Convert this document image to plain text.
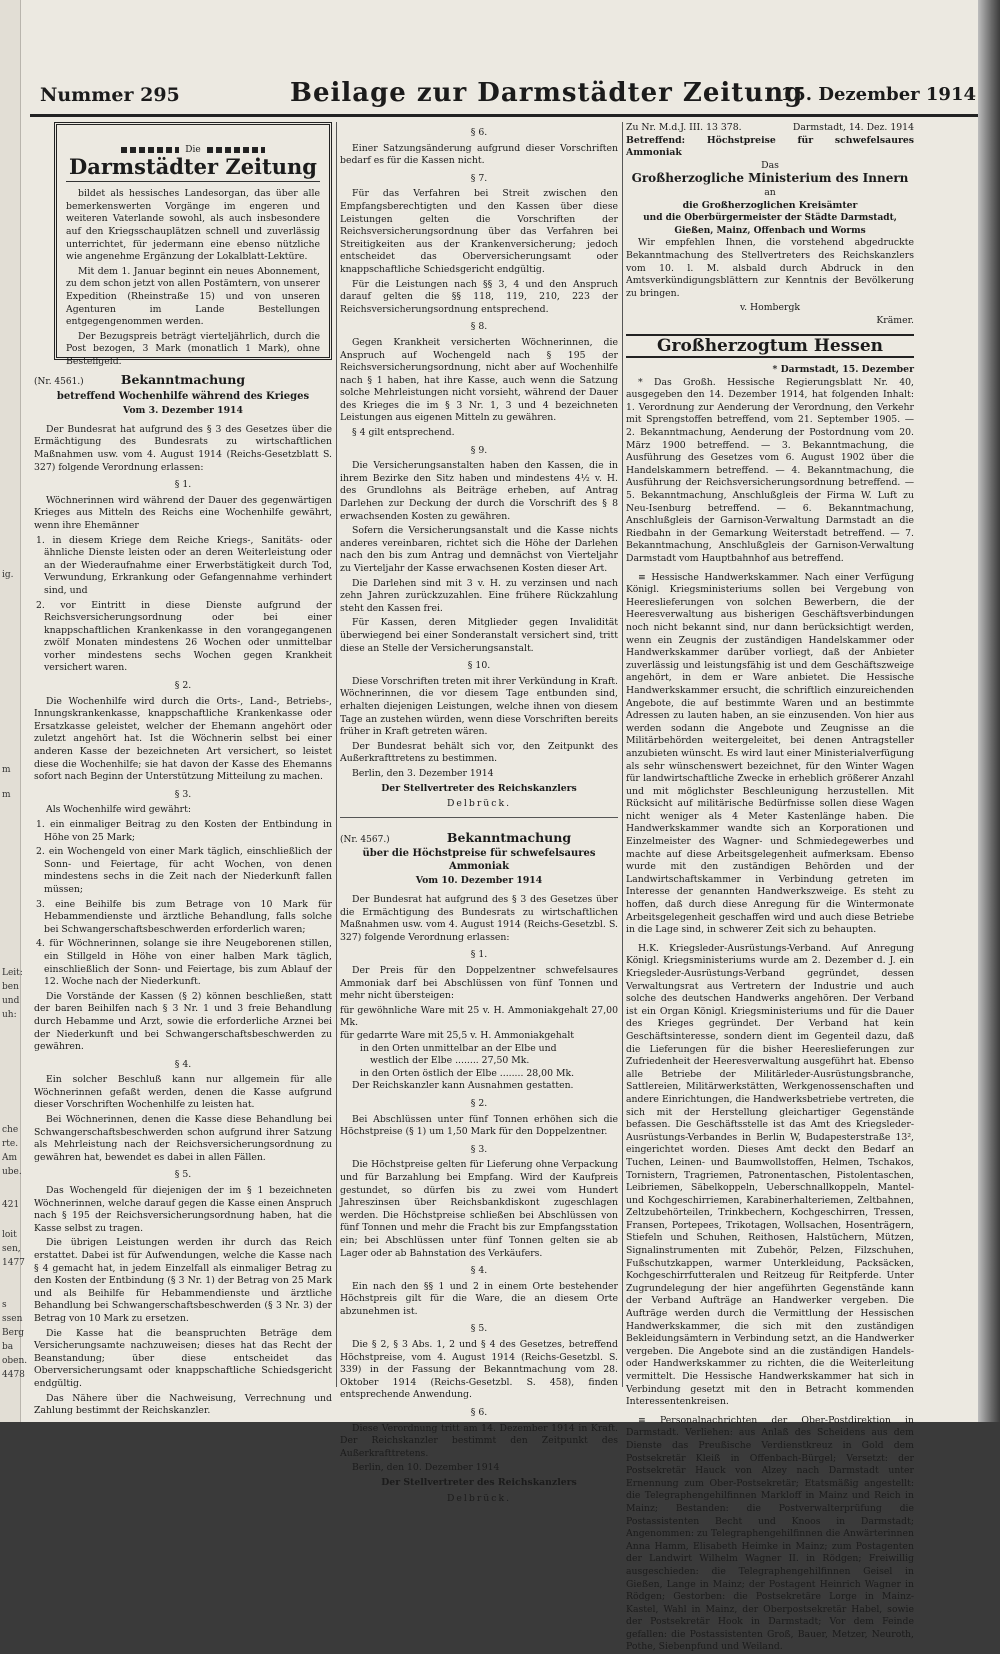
ig.
m
m
Leit:
ben
und
uh:
che
rte.
Am
ube.
421
loit
sen,
1477
s
ssen
Berg
ba
oben.
4478
Nummer 295	Beilage zur Darmstädter Zeitung
15. Dezember 1914
Die
Darmstädter Zeitung

bildet als hessisches Landesorgan, das über alle bemerkenswerten Vorgänge im engeren und weiteren Vaterlande sowohl, als auch insbesondere auf den Kriegsschauplätzen schnell und zuverlässig unterrichtet, für jedermann eine ebenso nützliche wie angenehme Ergänzung der Lokalblatt-Lektüre.

Mit dem 1. Januar beginnt ein neues Abonnement, zu dem schon jetzt von allen Postämtern, von unserer Expedition (Rheinstraße 15) und von unseren Agenturen im Lande Bestellungen entgegengenommen werden.

Der Bezugspreis beträgt vierteljährlich, durch die Post bezogen, 3 Mark (monatlich 1 Mark), ohne Bestellgeld.

(Nr. 4561.)	Bekanntmachung
betreffend Wochenhilfe während des Krieges
Vom 3. Dezember 1914

Der Bundesrat hat aufgrund des § 3 des Gesetzes über die Ermächtigung des Bundesrats zu wirtschaftlichen Maßnahmen usw. vom 4. August 1914 (Reichs-Gesetzblatt S. 327) folgende Verordnung erlassen:

§ 1.

Wöchnerinnen wird während der Dauer des gegenwärtigen Krieges aus Mitteln des Reichs eine Wochenhilfe gewährt, wenn ihre Ehemänner

1. in diesem Kriege dem Reiche Kriegs-, Sanitäts- oder ähnliche Dienste leisten oder an deren Weiterleistung oder an der Wiederaufnahme einer Erwerbstätigkeit durch Tod, Verwundung, Erkrankung oder Gefangennahme verhindert sind, und
2. vor Eintritt in diese Dienste aufgrund der Reichsversicherungsordnung oder bei einer knappschaftlichen Krankenkasse in den vorangegangenen zwölf Monaten mindestens 26 Wochen oder unmittelbar vorher mindestens sechs Wochen gegen Krankheit versichert waren.
§ 2.

Die Wochenhilfe wird durch die Orts-, Land-, Betriebs-, Innungskrankenkasse, knappschaftliche Krankenkasse oder Ersatzkasse geleistet, welcher der Ehemann angehört oder zuletzt angehört hat. Ist die Wöchnerin selbst bei einer anderen Kasse der bezeichneten Art versichert, so leistet diese die Wochenhilfe; sie hat davon der Kasse des Ehemanns sofort nach Beginn der Unterstützung Mitteilung zu machen.

§ 3.

Als Wochenhilfe wird gewährt:

1. ein einmaliger Beitrag zu den Kosten der Entbindung in Höhe von 25 Mark;
2. ein Wochengeld von einer Mark täglich, einschließlich der Sonn- und Feiertage, für acht Wochen, von denen mindestens sechs in die Zeit nach der Niederkunft fallen müssen;
3. eine Beihilfe bis zum Betrage von 10 Mark für Hebammendienste und ärztliche Behandlung, falls solche bei Schwangerschaftsbeschwerden erforderlich waren;
4. für Wöchnerinnen, solange sie ihre Neugeborenen stillen, ein Stillgeld in Höhe von einer halben Mark täglich, einschließlich der Sonn- und Feiertage, bis zum Ablauf der 12. Woche nach der Niederkunft.

Die Vorstände der Kassen (§ 2) können beschließen, statt der baren Beihilfen nach § 3 Nr. 1 und 3 freie Behandlung durch Hebamme und Arzt, sowie die erforderliche Arznei bei der Niederkunft und bei Schwangerschaftsbeschwerden zu gewähren.

§ 4.

Ein solcher Beschluß kann nur allgemein für alle Wöchnerinnen gefaßt werden, denen die Kasse aufgrund dieser Vorschriften Wochenhilfe zu leisten hat.

Bei Wöchnerinnen, denen die Kasse diese Behandlung bei Schwangerschaftsbeschwerden schon aufgrund ihrer Satzung als Mehrleistung nach der Reichsversicherungsordnung zu gewähren hat, bewendet es dabei in allen Fällen.

§ 5.

Das Wochengeld für diejenigen der im § 1 bezeichneten Wöchnerinnen, welche darauf gegen die Kasse einen Anspruch nach § 195 der Reichsversicherungsordnung haben, hat die Kasse selbst zu tragen.

Die übrigen Leistungen werden ihr durch das Reich erstattet. Dabei ist für Aufwendungen, welche die Kasse nach § 4 gemacht hat, in jedem Einzelfall als einmaliger Betrag zu den Kosten der Entbindung (§ 3 Nr. 1) der Betrag von 25 Mark und als Beihilfe für Hebammendienste und ärztliche Behandlung bei Schwangerschaftsbeschwerden (§ 3 Nr. 3) der Betrag von 10 Mark zu ersetzen.

Die Kasse hat die beanspruchten Beträge dem Versicherungsamte nachzuweisen; dieses hat das Recht der Beanstandung; über diese entscheidet das Oberversicherungsamt oder knappschaftliche Schiedsgericht endgültig.

Das Nähere über die Nachweisung, Verrechnung und Zahlung bestimmt der Reichskanzler.

§ 6.

Einer Satzungsänderung aufgrund dieser Vorschriften bedarf es für die Kassen nicht.

§ 7.

Für das Verfahren bei Streit zwischen den Empfangsberechtigten und den Kassen über diese Leistungen gelten die Vorschriften der Reichsversicherungsordnung über das Verfahren bei Streitigkeiten aus der Krankenversicherung; jedoch entscheidet das Oberversicherungsamt oder knappschaftliche Schiedsgericht endgültig.

Für die Leistungen nach §§ 3, 4 und den Anspruch darauf gelten die §§ 118, 119, 210, 223 der Reichsversicherungsordnung entsprechend.

§ 8.

Gegen Krankheit versicherten Wöchnerinnen, die Anspruch auf Wochengeld nach § 195 der Reichsversicherungsordnung, nicht aber auf Wochenhilfe nach § 1 haben, hat ihre Kasse, auch wenn die Satzung solche Mehrleistungen nicht vorsieht, während der Dauer des Krieges die im § 3 Nr. 1, 3 und 4 bezeichneten Leistungen aus eigenen Mitteln zu gewähren.

§ 4 gilt entsprechend.

§ 9.

Die Versicherungsanstalten haben den Kassen, die in ihrem Bezirke den Sitz haben und mindestens 4½ v. H. des Grundlohns als Beiträge erheben, auf Antrag Darlehen zur Deckung der durch die Vorschrift des § 8 erwachsenden Kosten zu gewähren.

Sofern die Versicherungsanstalt und die Kasse nichts anderes vereinbaren, richtet sich die Höhe der Darlehen nach den bis zum Antrag und demnächst von Vierteljahr zu Vierteljahr der Kasse erwachsenen Kosten dieser Art.

Die Darlehen sind mit 3 v. H. zu verzinsen und nach zehn Jahren zurückzuzahlen. Eine frühere Rückzahlung steht den Kassen frei.

Für Kassen, deren Mitglieder gegen Invalidität überwiegend bei einer Sonderanstalt versichert sind, tritt diese an Stelle der Versicherungsanstalt.

§ 10.

Diese Vorschriften treten mit ihrer Verkündung in Kraft. Wöchnerinnen, die vor diesem Tage entbunden sind, erhalten diejenigen Leistungen, welche ihnen von diesem Tage an zustehen würden, wenn diese Vorschriften bereits früher in Kraft getreten wären.

Der Bundesrat behält sich vor, den Zeitpunkt des Außerkrafttretens zu bestimmen.

Berlin, den 3. Dezember 1914

Der Stellvertreter des Reichskanzlers
Delbrück.
(Nr. 4567.)	Bekanntmachung
über die Höchstpreise für schwefelsaures Ammoniak
Vom 10. Dezember 1914

Der Bundesrat hat aufgrund des § 3 des Gesetzes über die Ermächtigung des Bundesrats zu wirtschaftlichen Maßnahmen usw. vom 4. August 1914 (Reichs-Gesetzbl. S. 327) folgende Verordnung erlassen:

§ 1.

Der Preis für den Doppelzentner schwefelsaures Ammoniak darf bei Abschlüssen von fünf Tonnen und mehr nicht übersteigen:

für gewöhnliche Ware mit 25 v. H. Ammoniakgehalt 27,00 Mk.
für gedarrte Ware mit 25,5 v. H. Ammoniakgehalt
in den Orten unmittelbar an der Elbe und
westlich der Elbe ........ 27,50 Mk.
in den Orten östlich der Elbe ........ 28,00 Mk.

Der Reichskanzler kann Ausnahmen gestatten.

§ 2.

Bei Abschlüssen unter fünf Tonnen erhöhen sich die Höchstpreise (§ 1) um 1,50 Mark für den Doppelzentner.

§ 3.

Die Höchstpreise gelten für Lieferung ohne Verpackung und für Barzahlung bei Empfang. Wird der Kaufpreis gestundet, so dürfen bis zu zwei vom Hundert Jahreszinsen über Reichsbankdiskont zugeschlagen werden. Die Höchstpreise schließen bei Abschlüssen von fünf Tonnen und mehr die Fracht bis zur Empfangsstation ein; bei Abschlüssen unter fünf Tonnen gelten sie ab Lager oder ab Bahnstation des Verkäufers.

§ 4.

Ein nach den §§ 1 und 2 in einem Orte bestehender Höchstpreis gilt für die Ware, die an diesem Orte abzunehmen ist.

§ 5.

Die § 2, § 3 Abs. 1, 2 und § 4 des Gesetzes, betreffend Höchstpreise, vom 4. August 1914 (Reichs-Gesetzbl. S. 339) in der Fassung der Bekanntmachung vom 28. Oktober 1914 (Reichs-Gesetzbl. S. 458), finden entsprechende Anwendung.

§ 6.

Diese Verordnung tritt am 14. Dezember 1914 in Kraft. Der Reichskanzler bestimmt den Zeitpunkt des Außerkrafttretens.

Berlin, den 10. Dezember 1914

Der Stellvertreter des Reichskanzlers
Delbrück.
Zu Nr. M.d.J. III. 13 378.	Darmstadt, 14. Dez. 1914
Betreffend: Höchstpreise für schwefelsaures Ammoniak
Das
Großherzogliche Ministerium des Innern
an
die Großherzoglichen Kreisämter
und die Oberbürgermeister der Städte Darmstadt, Gießen, Mainz, Offenbach und Worms

Wir empfehlen Ihnen, die vorstehend abgedruckte Bekanntmachung des Stellvertreters des Reichskanzlers vom 10. l. M. alsbald durch Abdruck in den Amtsverkündigungsblättern zur Kenntnis der Bevölkerung zu bringen.

v. Hombergk
Krämer.
Großherzogtum Hessen
* Darmstadt, 15. Dezember

* Das Großh. Hessische Regierungsblatt Nr. 40, ausgegeben den 14. Dezember 1914, hat folgenden Inhalt: 1. Verordnung zur Aenderung der Verordnung, den Verkehr mit Sprengstoffen betreffend, vom 21. September 1905. — 2. Bekanntmachung, Aenderung der Postordnung vom 20. März 1900 betreffend. — 3. Bekanntmachung, die Ausführung des Gesetzes vom 6. August 1902 über die Handelskammern betreffend. — 4. Bekanntmachung, die Ausführung der Reichsversicherungsordnung betreffend. — 5. Bekanntmachung, Anschlußgleis der Firma W. Luft zu Neu-Isenburg betreffend. — 6. Bekanntmachung, Anschlußgleis der Garnison-Verwaltung Darmstadt an die Riedbahn in der Gemarkung Weiterstadt betreffend. — 7. Bekanntmachung, Anschlußgleis der Garnison-Verwaltung Darmstadt vom Hauptbahnhof aus betreffend.

≡ Hessische Handwerkskammer. Nach einer Verfügung Königl. Kriegsministeriums sollen bei Vergebung von Heereslieferungen von solchen Bewerbern, die der Heeresverwaltung aus bisherigen Geschäftsverbindungen noch nicht bekannt sind, nur dann berücksichtigt werden, wenn ein Zeugnis der zuständigen Handelskammer oder Handwerkskammer darüber vorliegt, daß der Anbieter zuverlässig und leistungsfähig ist und dem Geschäftszweige angehört, in dem er Ware anbietet. Die Hessische Handwerkskammer ersucht, die schriftlich einzureichenden Angebote, die auf bestimmte Waren und an bestimmte Adressen zu lauten haben, an sie einzusenden. Von hier aus werden sodann die Angebote und Zeugnisse an die Militärbehörden weitergeleitet, bei denen Antragsteller anzubieten wünscht. Es wird laut einer Ministerialverfügung als sehr wünschenswert bezeichnet, für den Winter Wagen für landwirtschaftliche Zwecke in erheblich größerer Anzahl und mit möglichster Beschleunigung herzustellen. Mit Rücksicht auf militärische Bedürfnisse sollen diese Wagen nicht weniger als 4 Meter Kastenlänge haben. Die Handwerkskammer wandte sich an Korporationen und Einzelmeister des Wagner- und Schmiedegewerbes und machte auf diese Arbeitsgelegenheit aufmerksam. Ebenso wurde mit den zuständigen Behörden und der Landwirtschaftskammer in Verbindung getreten im Interesse der genannten Handwerkszweige. Es steht zu hoffen, daß durch diese Anregung für die Wintermonate Arbeitsgelegenheit geschaffen wird und auch diese Betriebe in die Lage sind, in schwerer Zeit sich zu behaupten.

H.K. Kriegsleder-Ausrüstungs-Verband. Auf Anregung Königl. Kriegsministeriums wurde am 2. Dezember d. J. ein Kriegsleder-Ausrüstungs-Verband gegründet, dessen Verwaltungsrat aus Vertretern der Industrie und auch solche des deutschen Handwerks angehören. Der Verband ist ein Organ Königl. Kriegsministeriums und für die Dauer des Krieges gegründet. Der Verband hat kein Geschäftsinteresse, sondern dient im Gegenteil dazu, daß die Lieferungen für die bisher Heereslieferungen zur Zufriedenheit der Heeresverwaltung ausgeführt hat. Ebenso alle Betriebe der Militärleder-Ausrüstungsbranche, Sattlereien, Militärwerkstätten, Werkgenossenschaften und andere Einrichtungen, die Handwerksbetriebe vertreten, die sich mit der Herstellung gleichartiger Gegenstände befassen. Die Geschäftsstelle ist das Amt des Kriegsleder-Ausrüstungs-Verbandes in Berlin W, Budapesterstraße 13², eingerichtet worden. Dieses Amt deckt den Bedarf an Tuchen, Leinen- und Baumwollstoffen, Helmen, Tschakos, Tornistern, Tragriemen, Patronentaschen, Pistolentaschen, Leibriemen, Säbelkoppeln, Ueberschnallkoppeln, Mantel- und Kochgeschirriemen, Karabinerhalteriemen, Zeltbahnen, Zeltzubehörteilen, Trinkbechern, Kochgeschirren, Tressen, Fransen, Portepees, Trikotagen, Wollsachen, Hosenträgern, Stiefeln und Schuhen, Reithosen, Halstüchern, Mützen, Signalinstrumenten mit Zubehör, Pelzen, Filzschuhen, Fußschutzkappen, warmer Unterkleidung, Packsäcken, Kochgeschirrfutteralen und Reitzeug für Reitpferde. Unter Zugrundelegung der hier angeführten Gegenstände kann der Verband Aufträge an Handwerker vergeben. Die Aufträge werden durch die Vermittlung der Hessischen Handwerkskammer, die sich mit den zuständigen Bekleidungsämtern in Verbindung setzt, an die Handwerker vergeben. Die Angebote sind an die zuständigen Handels- oder Handwerkskammer zu richten, die die Weiterleitung vermittelt. Die Hessische Handwerkskammer hat sich in Verbindung gesetzt mit den in Betracht kommenden Interessentenkreisen.

≡ Personalnachrichten der Ober-Postdirektion in Darmstadt. Verliehen: aus Anlaß des Scheidens aus dem Dienste das Preußische Verdienstkreuz in Gold dem Postsekretär Kleiß in Offenbach-Bürgel; Versetzt: der Postsekretär Hauck von Alzey nach Darmstadt unter Ernennung zum Ober-Postsekretär; Etatsmäßig angestellt: die Telegraphengehilfinnen Markloff in Mainz und Reich in Mainz; Bestanden: die Postverwalterprüfung die Postassistenten Becht und Knoos in Darmstadt; Angenommen: zu Telegraphengehilfinnen die Anwärterinnen Anna Hamm, Elisabeth Heimke in Mainz; zum Postagenten der Landwirt Wilhelm Wagner II. in Rödgen; Freiwillig ausgeschieden: die Telegraphengehilfinnen Geisel in Gießen, Lange in Mainz; der Postagent Heinrich Wagner in Rödgen; Gestorben: die Postsekretäre Lorge in Mainz-Kastel, Wahl in Mainz, der Oberpostsekretär Habel, sowie der Postsekretär Hook in Darmstadt; Vor dem Feinde gefallen: die Postassistenten Groß, Bauer, Metzer, Neuroth, Pothe, Siebenpfund und Weiland.
